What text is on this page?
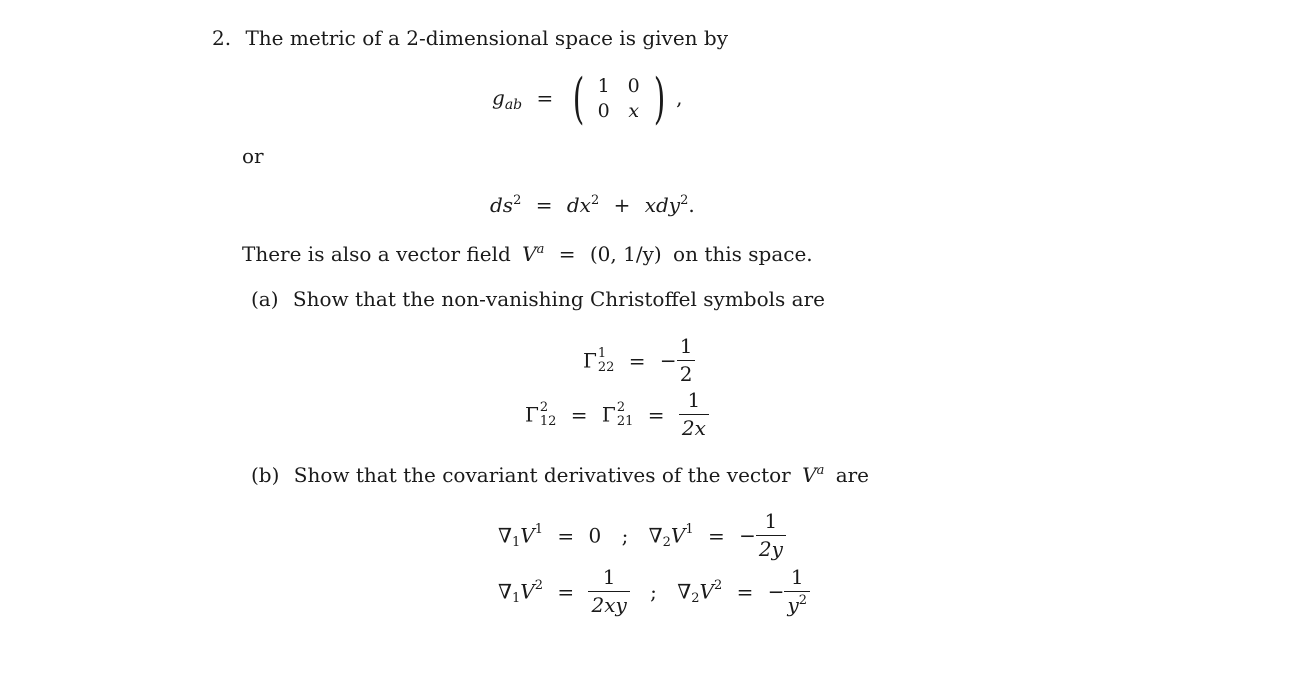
2. The metric of a 2-dimensional space is given by
$g_{ab}$ = ( 1 0
0 x ) ,
or
$ds^2 = dx^2 + xdy^2$.
There is also a vector field $V^a = (0$, 1/y) on this space.
(a) Show that the non-vanishing Christoffel symbols are
Γ 1
22 = − $\frac{1}{2}$
Γ 2
12 = Γ 2
$21 = \frac{1}{2x}$
(b) Show that the covariant derivatives of the vector $V^a$ are
$\nabla_1V^1 = 0$ ; $\nabla_2V^1$ = − $\frac{1}{2y}$
$\nabla_1V^2 = \frac{1}{2xy}$ ; $\nabla_2V^2$ = − $\frac{1}{y^2}$
